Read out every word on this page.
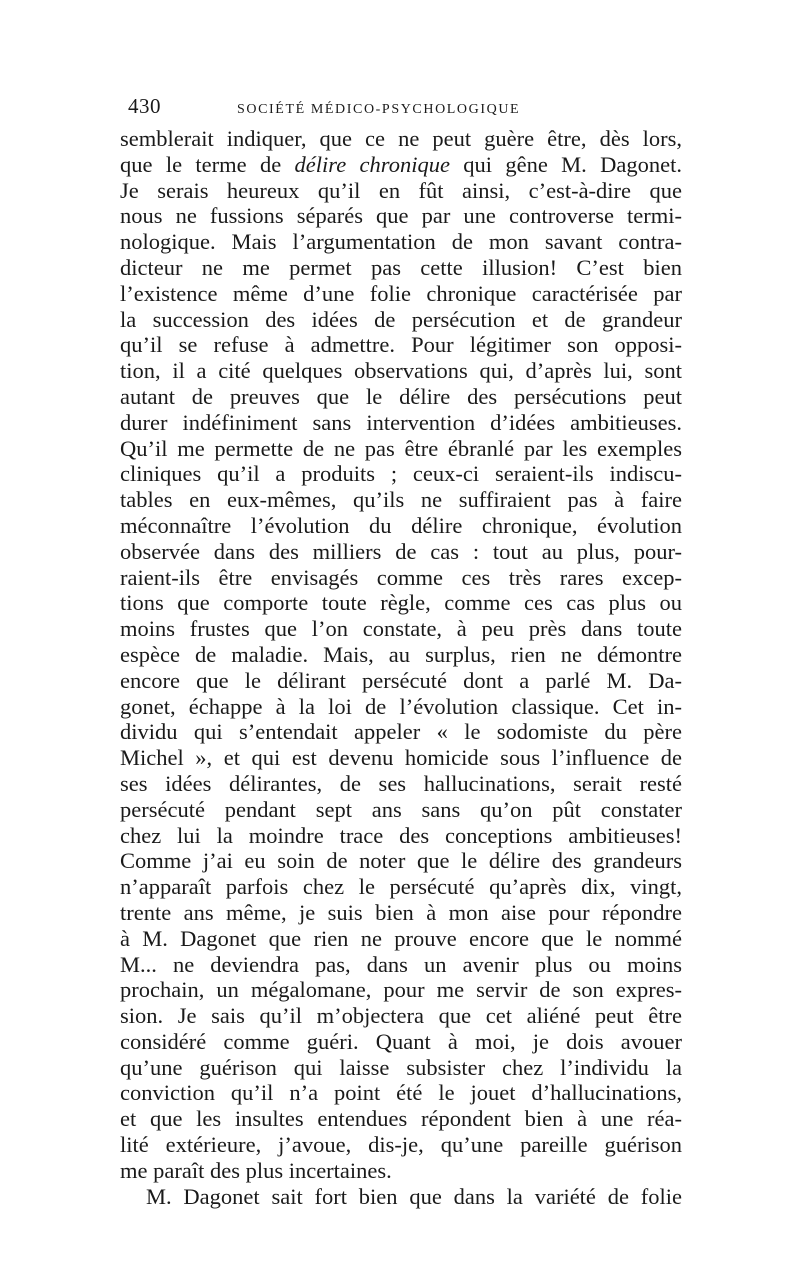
430	SOCIÉTÉ MÉDICO-PSYCHOLOGIQUE
semblerait indiquer, que ce ne peut guère être, dès lors,
que le terme de délire chronique qui gêne M. Dagonet.
Je serais heureux qu’il en fût ainsi, c’est-à-dire que
nous ne fussions séparés que par une controverse termi-
nologique. Mais l’argumentation de mon savant contra-
dicteur ne me permet pas cette illusion! C’est bien
l’existence même d’une folie chronique caractérisée par
la succession des idées de persécution et de grandeur
qu’il se refuse à admettre. Pour légitimer son opposi-
tion, il a cité quelques observations qui, d’après lui, sont
autant de preuves que le délire des persécutions peut
durer indéfiniment sans intervention d’idées ambitieuses.
Qu’il me permette de ne pas être ébranlé par les exemples
cliniques qu’il a produits ; ceux-ci seraient-ils indiscu-
tables en eux-mêmes, qu’ils ne suffiraient pas à faire
méconnaître l’évolution du délire chronique, évolution
observée dans des milliers de cas : tout au plus, pour-
raient-ils être envisagés comme ces très rares excep-
tions que comporte toute règle, comme ces cas plus ou
moins frustes que l’on constate, à peu près dans toute
espèce de maladie. Mais, au surplus, rien ne démontre
encore que le délirant persécuté dont a parlé M. Da-
gonet, échappe à la loi de l’évolution classique. Cet in-
dividu qui s’entendait appeler « le sodomiste du père
Michel », et qui est devenu homicide sous l’influence de
ses idées délirantes, de ses hallucinations, serait resté
persécuté pendant sept ans sans qu’on pût constater
chez lui la moindre trace des conceptions ambitieuses!
Comme j’ai eu soin de noter que le délire des grandeurs
n’apparaît parfois chez le persécuté qu’après dix, vingt,
trente ans même, je suis bien à mon aise pour répondre
à M. Dagonet que rien ne prouve encore que le nommé
M... ne deviendra pas, dans un avenir plus ou moins
prochain, un mégalomane, pour me servir de son expres-
sion. Je sais qu’il m’objectera que cet aliéné peut être
considéré comme guéri. Quant à moi, je dois avouer
qu’une guérison qui laisse subsister chez l’individu la
conviction qu’il n’a point été le jouet d’hallucinations,
et que les insultes entendues répondent bien à une réa-
lité extérieure, j’avoue, dis-je, qu’une pareille guérison
me paraît des plus incertaines.
M. Dagonet sait fort bien que dans la variété de folie
